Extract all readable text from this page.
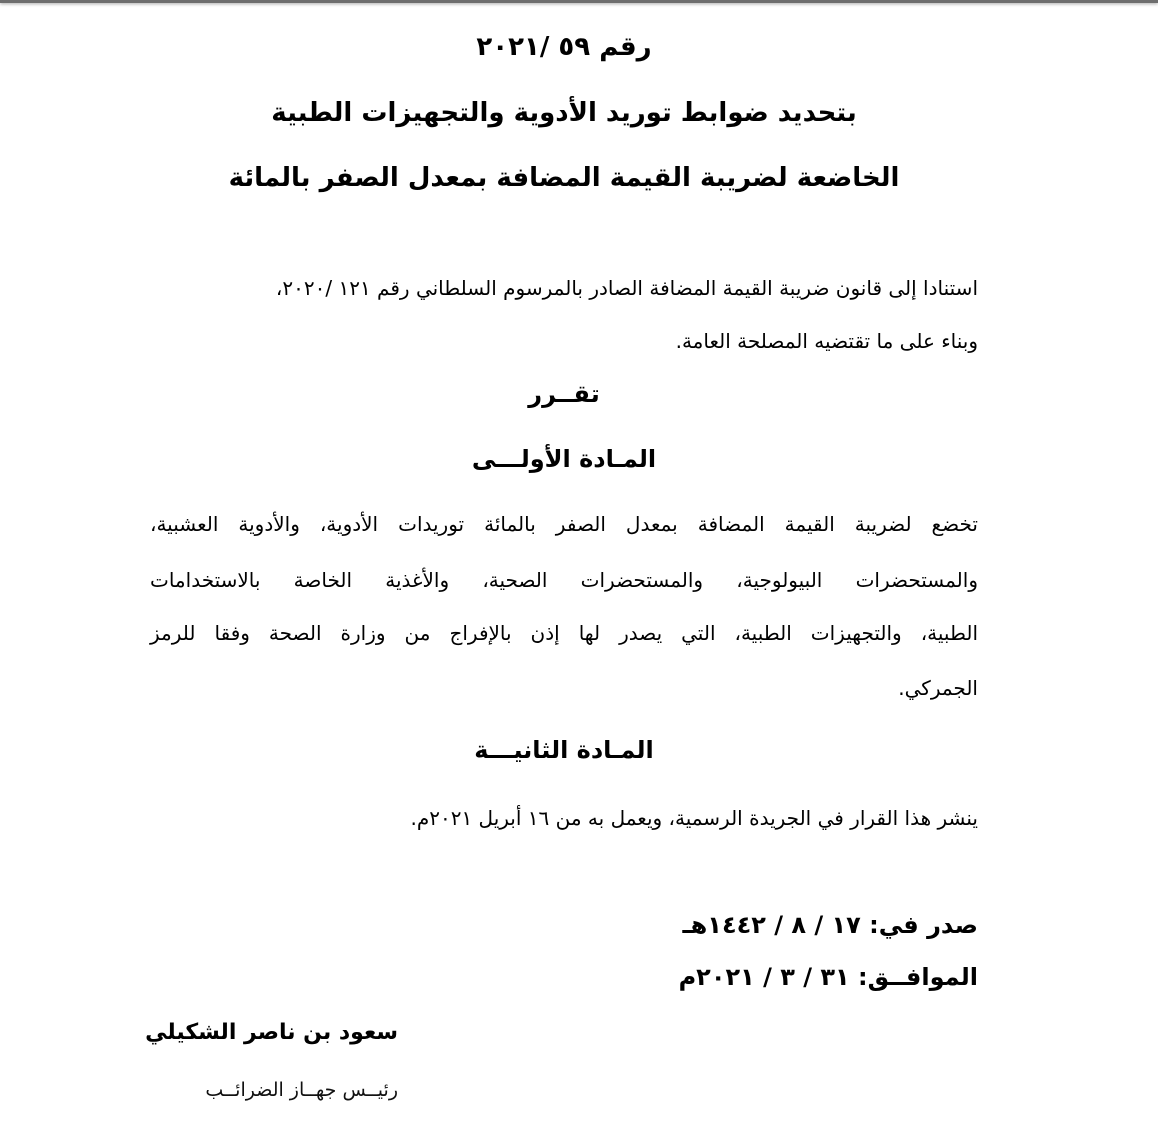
رقم ٥٩ /٢٠٢١
بتحديد ضوابط توريد الأدوية والتجهيزات الطبية
الخاضعة لضريبة القيمة المضافة بمعدل الصفر بالمائة
استنادا إلى قانون ضريبة القيمة المضافة الصادر بالمرسوم السلطاني رقم ١٢١ /٢٠٢٠،
وبناء على ما تقتضيه المصلحة العامة.
تقــرر
المـادة الأولـــى
تخضع لضريبة القيمة المضافة بمعدل الصفر بالمائة توريدات الأدوية، والأدوية العشبية،
والمستحضرات البيولوجية، والمستحضرات الصحية، والأغذية الخاصة بالاستخدامات
الطبية، والتجهيزات الطبية، التي يصدر لها إذن بالإفراج من وزارة الصحة وفقا للرمز
الجمركي.
المـادة الثانيـــة
ينشر هذا القرار في الجريدة الرسمية، ويعمل به من ١٦ أبريل ٢٠٢١م.
صدر في: ١٧ / ٨ / ١٤٤٢هـ
الموافــق: ٣١ / ٣ / ٢٠٢١م
سعود بن ناصر الشكيلي
رئيــس جهــاز الضرائــب
